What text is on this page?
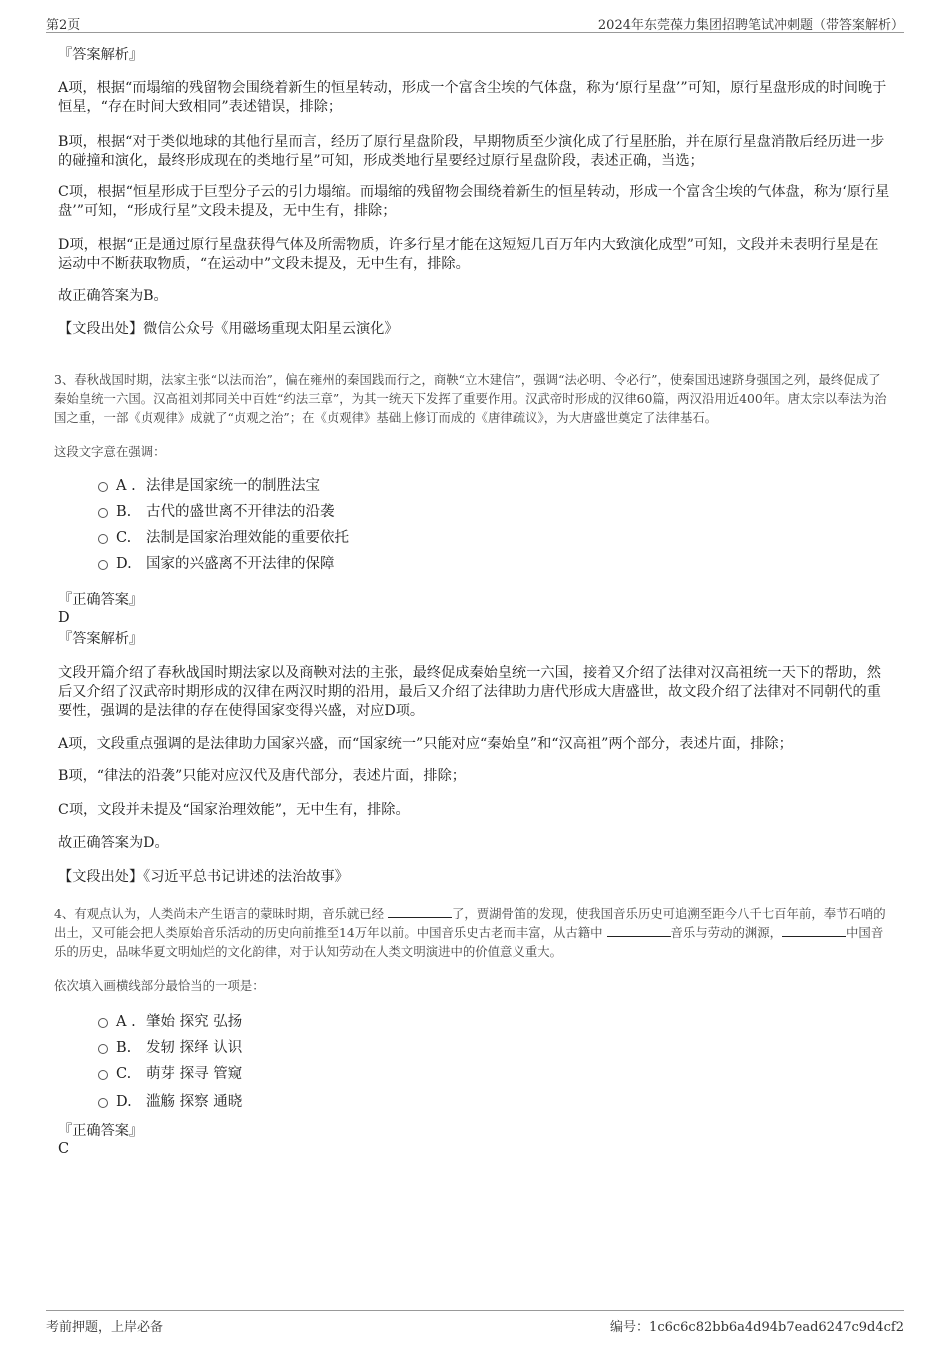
第2页	2024年东莞葆力集团招聘笔试冲刺题（带答案解析）
『答案解析』
A项，根据“而塌缩的残留物会围绕着新生的恒星转动，形成一个富含尘埃的气体盘，称为‘原行星盘’”可知，原行星盘形成的时间晚于恒星，“存在时间大致相同”表述错误，排除；
B项，根据“对于类似地球的其他行星而言，经历了原行星盘阶段，早期物质至少演化成了行星胚胎，并在原行星盘消散后经历进一步的碰撞和演化，最终形成现在的类地行星”可知，形成类地行星要经过原行星盘阶段，表述正确，当选；
C项，根据“恒星形成于巨型分子云的引力塌缩。而塌缩的残留物会围绕着新生的恒星转动，形成一个富含尘埃的气体盘，称为‘原行星盘’”可知，“形成行星”文段未提及，无中生有，排除；
D项，根据“正是通过原行星盘获得气体及所需物质，许多行星才能在这短短几百万年内大致演化成型”可知，文段并未表明行星是在运动中不断获取物质，“在运动中”文段未提及，无中生有，排除。
故正确答案为B。
【文段出处】微信公众号《用磁场重现太阳星云演化》
3、春秋战国时期，法家主张“以法而治”，偏在雍州的秦国践而行之，商鞅“立木建信”，强调“法必明、令必行”，使秦国迅速跻身强国之列，最终促成了秦始皇统一六国。汉高祖刘邦同关中百姓“约法三章”，为其一统天下发挥了重要作用。汉武帝时形成的汉律60篇，两汉沿用近400年。唐太宗以奉法为治国之重，一部《贞观律》成就了“贞观之治”；在《贞观律》基础上修订而成的《唐律疏议》，为大唐盛世奠定了法律基石。
这段文字意在强调：
A . 法律是国家统一的制胜法宝
B. 古代的盛世离不开律法的沿袭
C. 法制是国家治理效能的重要依托
D. 国家的兴盛离不开法律的保障
『正确答案』
D
『答案解析』
文段开篇介绍了春秋战国时期法家以及商鞅对法的主张，最终促成秦始皇统一六国，接着又介绍了法律对汉高祖统一天下的帮助，然后又介绍了汉武帝时期形成的汉律在两汉时期的沿用，最后又介绍了法律助力唐代形成大唐盛世，故文段介绍了法律对不同朝代的重要性，强调的是法律的存在使得国家变得兴盛，对应D项。
A项，文段重点强调的是法律助力国家兴盛，而“国家统一”只能对应“秦始皇”和“汉高祖”两个部分，表述片面，排除；
B项，“律法的沿袭”只能对应汉代及唐代部分，表述片面，排除；
C项，文段并未提及“国家治理效能”，无中生有，排除。
故正确答案为D。
【文段出处】《习近平总书记讲述的法治故事》
4、有观点认为，人类尚未产生语言的蒙昧时期，音乐就已经	了，贾湖骨笛的发现，使我国音乐历史可追溯至距今八千七百年前，奉节石哨的出土，又可能会把人类原始音乐活动的历史向前推至14万年以前。中国音乐史古老而丰富，从古籍中	音乐与劳动的渊源，	中国音乐的历史，品味华夏文明灿烂的文化韵律，对于认知劳动在人类文明演进中的价值意义重大。
依次填入画横线部分最恰当的一项是：
A . 肇始 探究 弘扬
B. 发轫 探绎 认识
C. 萌芽 探寻 管窥
D. 滥觞 探察 通晓
『正确答案』
C
考前押题，上岸必备	编号：1c6c6c82bb6a4d94b7ead6247c9d4cf2
